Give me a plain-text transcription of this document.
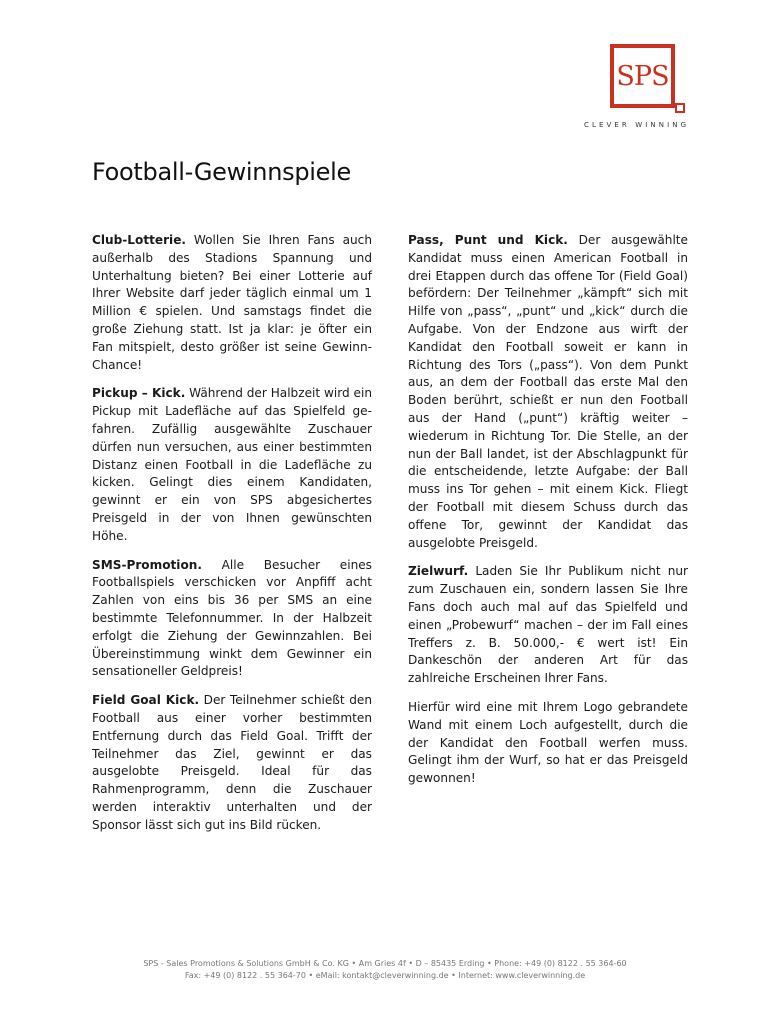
SPS
CLEVER WINNING
Football-Gewinnspiele

Club-Lotterie. Wollen Sie Ihren Fans auch außerhalb des Stadions Spannung und Unterhaltung bieten? Bei einer Lotterie auf Ihrer Website darf jeder täglich einmal um 1 Million € spielen. Und samstags findet die große Ziehung statt. Ist ja klar: je öfter ein Fan mitspielt, desto größer ist seine Gewinn-Chance!

Pickup – Kick. Während der Halbzeit wird ein Pickup mit Ladefläche auf das Spielfeld gefahren. Zufällig ausgewählte Zuschauer dürfen nun versuchen, aus einer bestimmten Distanz einen Football in die Ladefläche zu kicken. Gelingt dies einem Kandidaten, gewinnt er ein von SPS abgesichertes Preisgeld in der von Ihnen gewünschten Höhe.

SMS-Promotion. Alle Besucher eines Footballspiels verschicken vor Anpfiff acht Zahlen von eins bis 36 per SMS an eine bestimmte Telefonnummer. In der Halbzeit erfolgt die Ziehung der Gewinnzahlen. Bei Übereinstimmung winkt dem Gewinner ein sensationeller Geldpreis!

Field Goal Kick. Der Teilnehmer schießt den Football aus einer vorher bestimmten Entfernung durch das Field Goal. Trifft der Teilnehmer das Ziel, gewinnt er das ausgelobte Preisgeld. Ideal für das Rahmenprogramm, denn die Zuschauer werden interaktiv unterhalten und der Sponsor lässt sich gut ins Bild rücken.

Pass, Punt und Kick. Der ausgewählte Kandidat muss einen American Football in drei Etappen durch das offene Tor (Field Goal) befördern: Der Teilnehmer „kämpft“ sich mit Hilfe von „pass“, „punt“ und „kick“ durch die Aufgabe. Von der Endzone aus wirft der Kandidat den Football soweit er kann in Richtung des Tors („pass“). Von dem Punkt aus, an dem der Football das erste Mal den Boden berührt, schießt er nun den Football aus der Hand („punt“) kräftig weiter – wiederum in Richtung Tor. Die Stelle, an der nun der Ball landet, ist der Abschlagpunkt für die entscheidende, letzte Aufgabe: der Ball muss ins Tor gehen – mit einem Kick. Fliegt der Football mit diesem Schuss durch das offene Tor, gewinnt der Kandidat das ausgelobte Preisgeld.

Zielwurf. Laden Sie Ihr Publikum nicht nur zum Zuschauen ein, sondern lassen Sie Ihre Fans doch auch mal auf das Spielfeld und einen „Probewurf“ machen – der im Fall eines Treffers z. B. 50.000,- € wert ist! Ein Dankeschön der anderen Art für das zahlreiche Erscheinen Ihrer Fans.

Hierfür wird eine mit Ihrem Logo gebrandete Wand mit einem Loch aufgestellt, durch die der Kandidat den Football werfen muss. Gelingt ihm der Wurf, so hat er das Preisgeld gewonnen!

SPS - Sales Promotions & Solutions GmbH & Co. KG • Am Gries 4f • D – 85435 Erding • Phone: +49 (0) 8122 . 55 364-60
Fax: +49 (0) 8122 . 55 364-70 • eMail: kontakt@cleverwinning.de • Internet: www.cleverwinning.de
